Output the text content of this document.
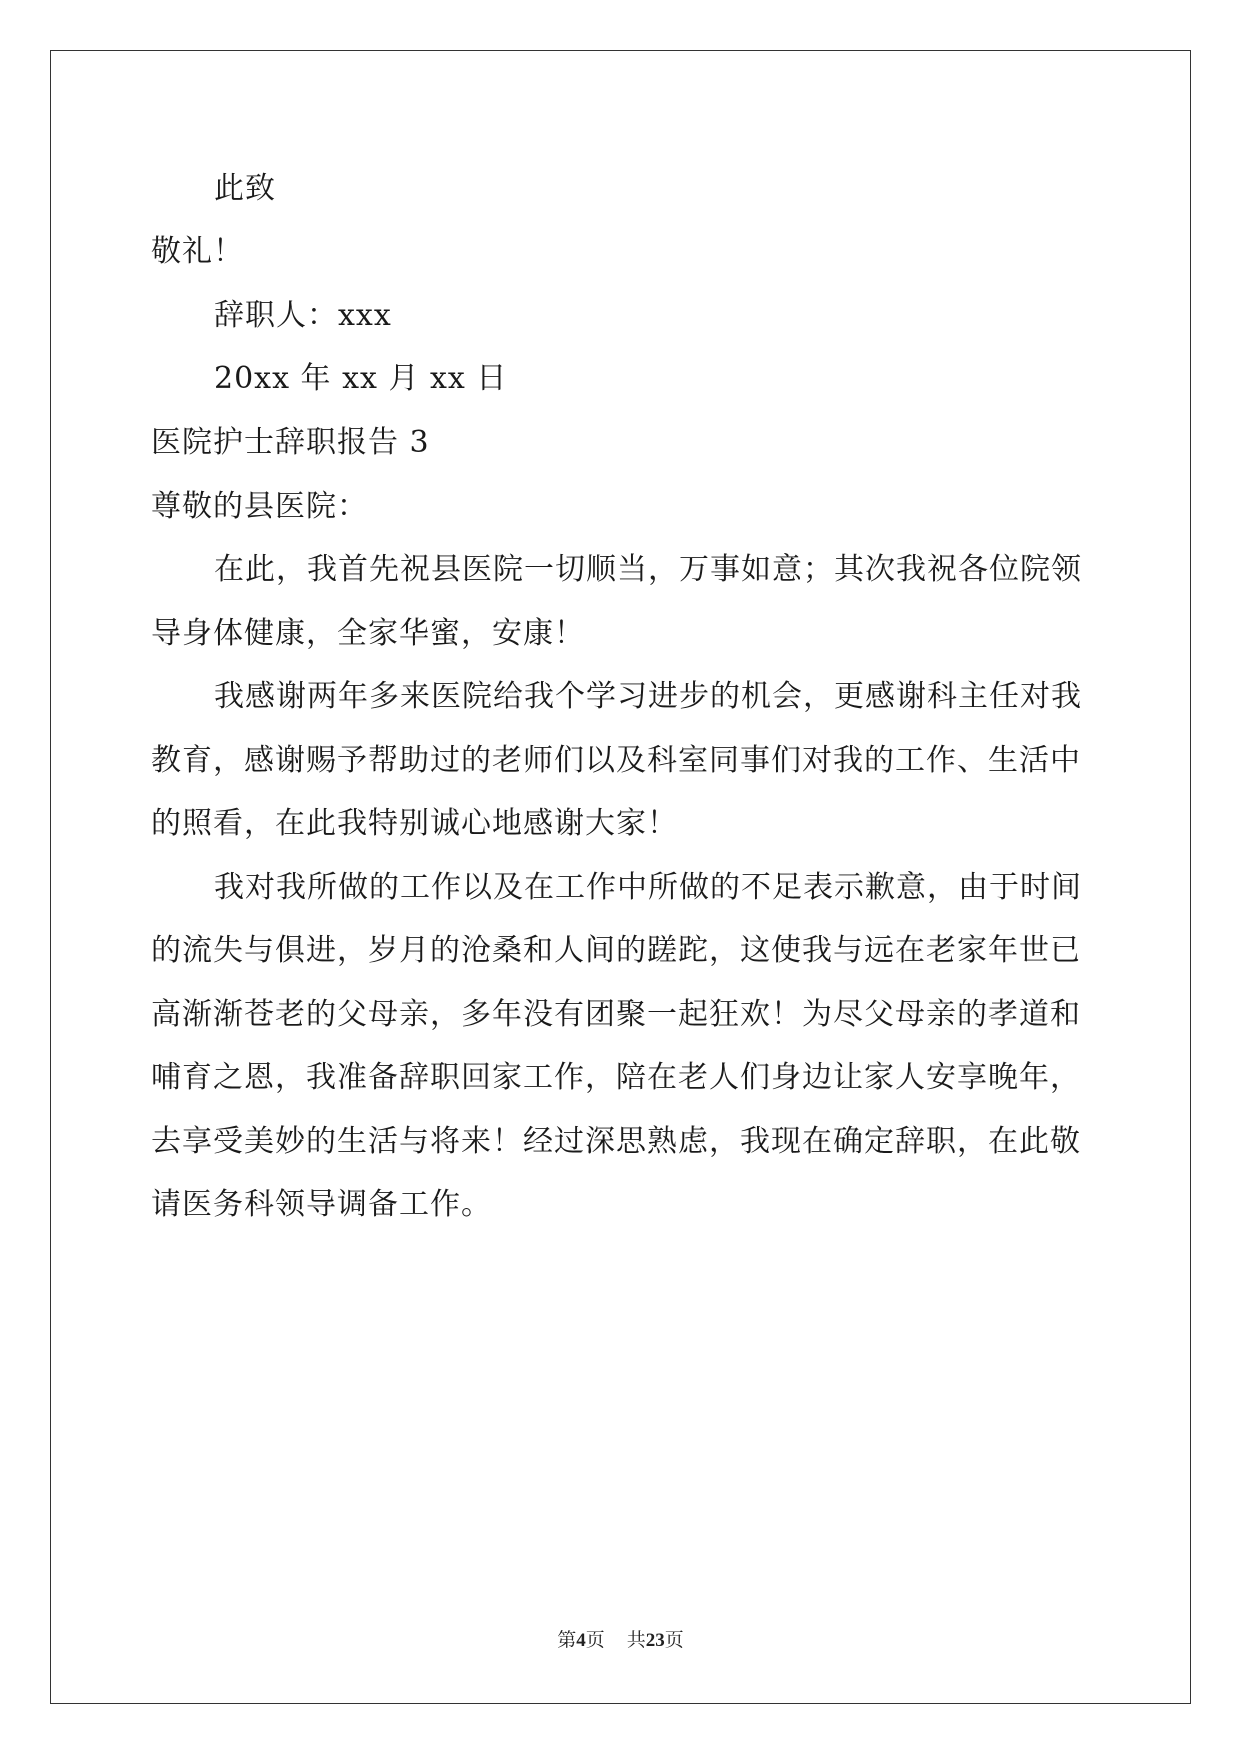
此致
敬礼！
辞职人：xxx
20xx 年 xx 月 xx 日
医院护士辞职报告 3
尊敬的县医院：
在此，我首先祝县医院一切顺当，万事如意；其次我祝各位院领
导身体健康，全家华蜜，安康！
我感谢两年多来医院给我个学习进步的机会，更感谢科主任对我
教育，感谢赐予帮助过的老师们以及科室同事们对我的工作、生活中
的照看，在此我特别诚心地感谢大家！
我对我所做的工作以及在工作中所做的不足表示歉意，由于时间
的流失与俱进，岁月的沧桑和人间的蹉跎，这使我与远在老家年世已
高渐渐苍老的父母亲，多年没有团聚一起狂欢！为尽父母亲的孝道和
哺育之恩，我准备辞职回家工作，陪在老人们身边让家人安享晚年，
去享受美妙的生活与将来！经过深思熟虑，我现在确定辞职，在此敬
请医务科领导调备工作。
第4页 共23页
